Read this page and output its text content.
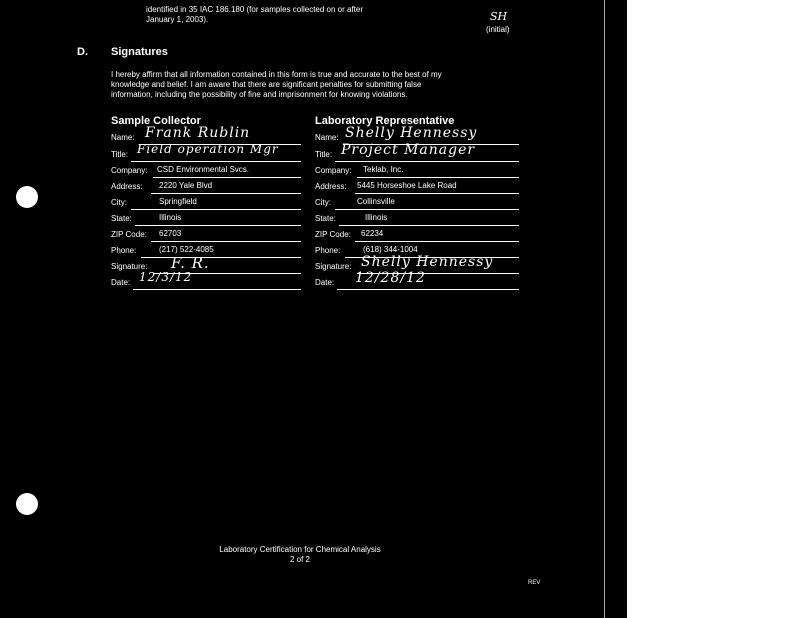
identified in 35 IAC 186.180 (for samples collected on or after
January 1, 2003).	SH
(initial)
D. Signatures
I hereby affirm that all information contained in this form is true and accurate to the best of my
knowledge and belief. I am aware that there are significant penalties for submitting false
information, including the possibility of fine and imprisonment for knowing violations.
Sample Collector
Name: Frank Rublin
Title: Field operation Mgr
Company: CSD Environmental Svcs.
Address: 2220 Yale Blvd
City:	Springfield
State:	Illinois
ZIP Code: 62703
Phone:	(217) 522-4085
Signature: F. R.
Date: 12/3/12
Laboratory Representative
Name: Shelly Hennessy
Title: Project Manager
Company: Teklab, Inc.
Address: 5445 Horseshoe Lake Road
City:	Collinsville
State:	Illinois
ZIP Code: 62234
Phone:	(618) 344-1004
Signature: Shelly Hennessy
Date: 12/28/12
Laboratory Certification for Chemical Analysis
2 of 2
REV
